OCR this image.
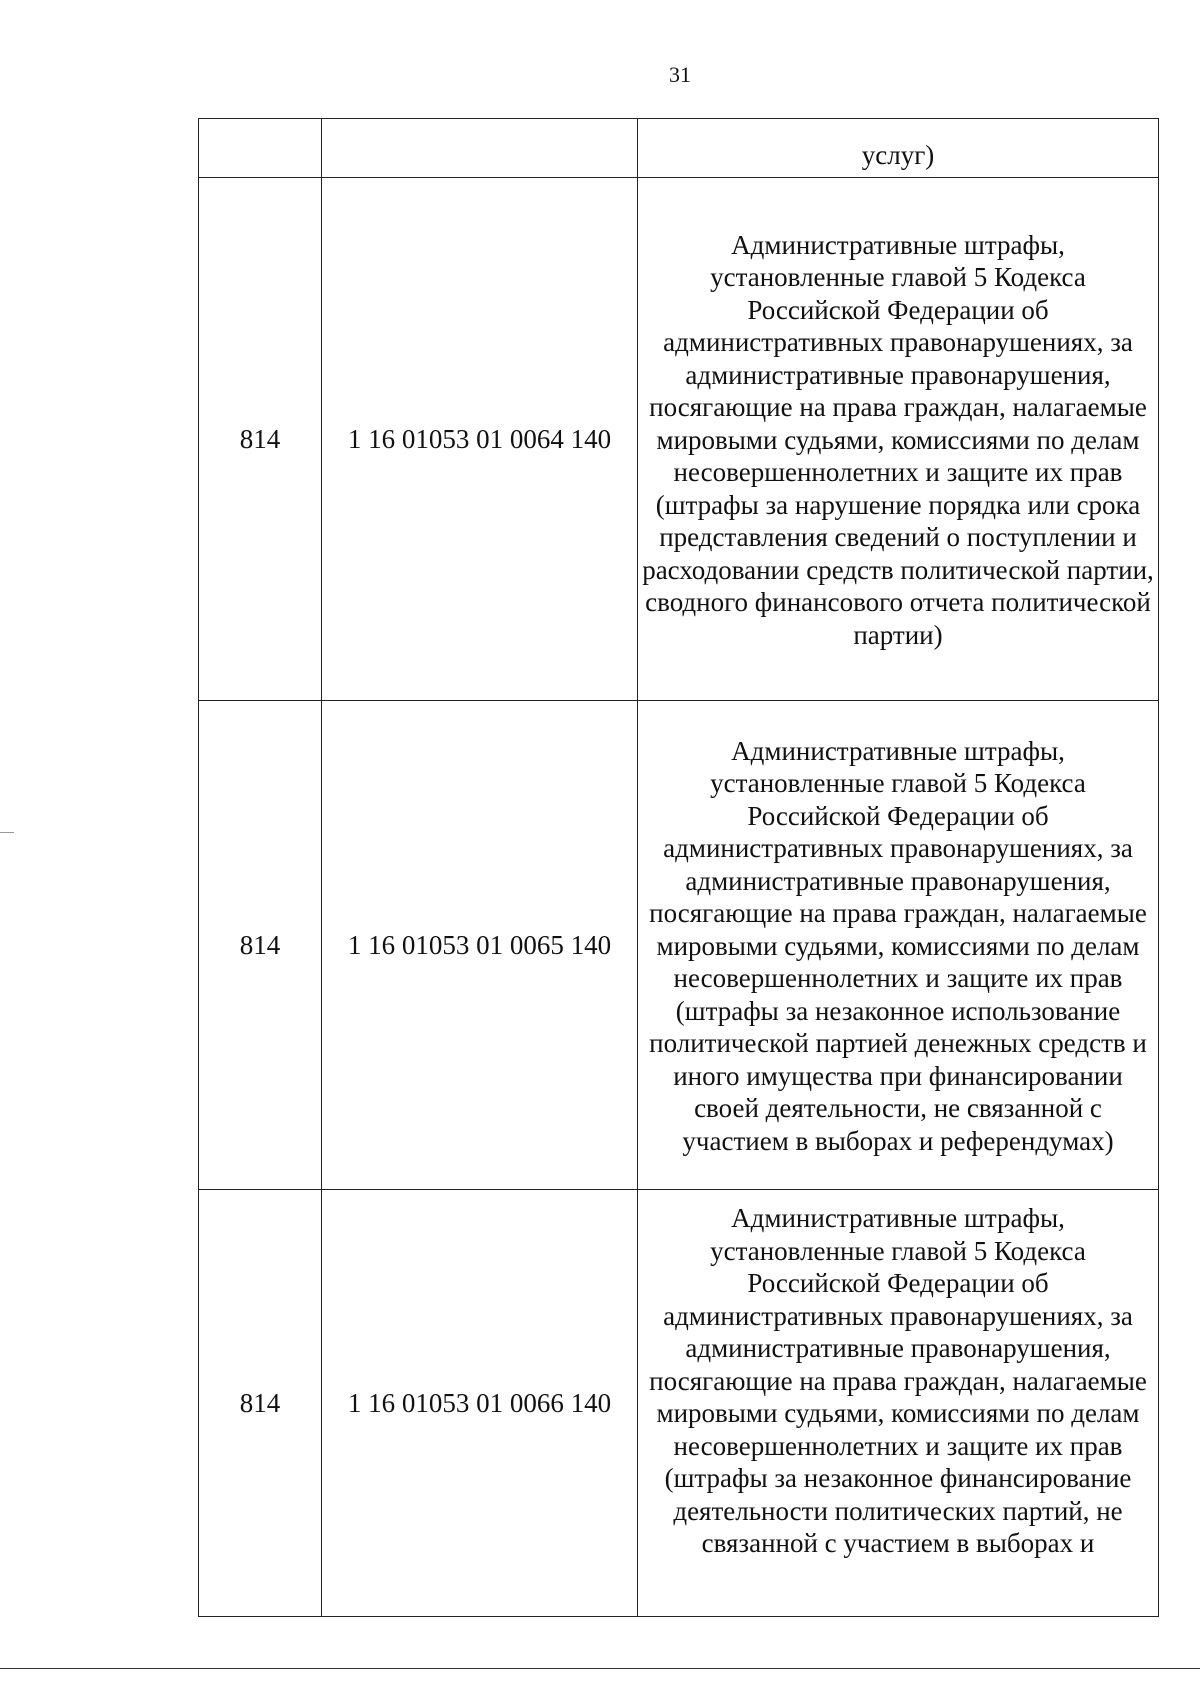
31
		услуг)
814	1 16 01053 01 0064 140	Административные штрафы, установленные главой 5 Кодекса Российской Федерации об административных правонарушениях, за административные правонарушения, посягающие на права граждан, налагаемые мировыми судьями, комиссиями по делам несовершеннолетних и защите их прав (штрафы за нарушение порядка или срока представления сведений о поступлении и расходовании средств политической партии, сводного финансового отчета политической партии)
814	1 16 01053 01 0065 140	Административные штрафы, установленные главой 5 Кодекса Российской Федерации об административных правонарушениях, за административные правонарушения, посягающие на права граждан, налагаемые мировыми судьями, комиссиями по делам несовершеннолетних и защите их прав (штрафы за незаконное использование политической партией денежных средств и иного имущества при финансировании своей деятельности, не связанной с участием в выборах и референдумах)
814	1 16 01053 01 0066 140	Административные штрафы, установленные главой 5 Кодекса Российской Федерации об административных правонарушениях, за административные правонарушения, посягающие на права граждан, налагаемые мировыми судьями, комиссиями по делам несовершеннолетних и защите их прав (штрафы за незаконное финансирование деятельности политических партий, не связанной с участием в выборах и
